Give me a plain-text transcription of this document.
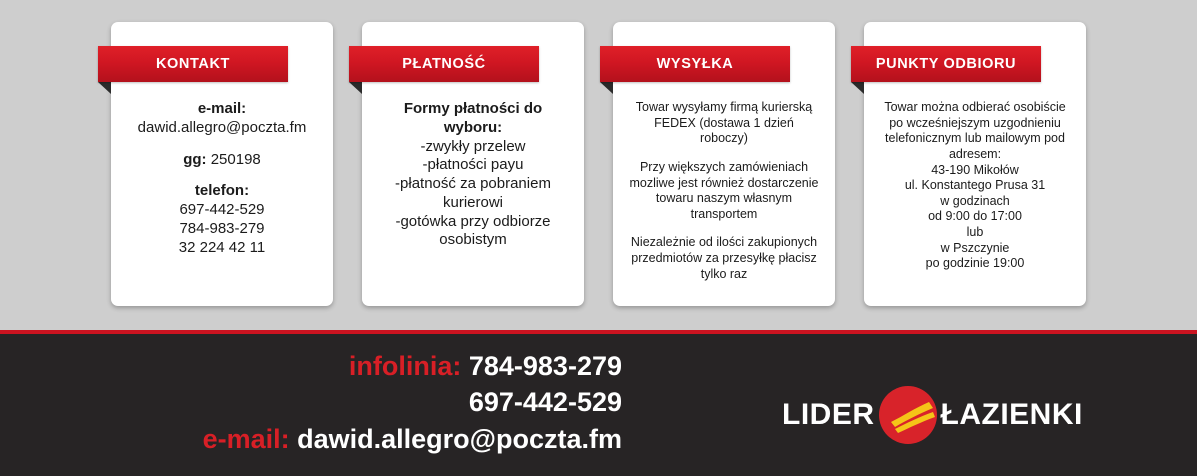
KONTAKT

e-mail:

dawid.allegro@poczta.fm

gg: 250198

telefon:

697-442-529

784-983-279

32 224 42 11

PŁATNOŚĆ

Formy płatności do

wyboru:

-zwykły przelew

-płatności payu

-płatność za pobraniem

kurierowi

-gotówka przy odbiorze

osobistym

WYSYŁKA

Towar wysyłamy firmą kurierską

FEDEX (dostawa 1 dzień

roboczy)

Przy większych zamówieniach

mozliwe jest również dostarczenie

towaru naszym własnym

transportem

Niezależnie od ilości zakupionych

przedmiotów za przesyłkę płacisz

tylko raz

PUNKTY ODBIORU

Towar można odbierać osobiście

po wcześniejszym uzgodnieniu

telefonicznym lub mailowym pod

adresem:

43-190 Mikołów

ul. Konstantego Prusa 31

w godzinach

od 9:00 do 17:00

lub

w Pszczynie

po godzinie 19:00

infolinia: 784-983-279
697-442-529
e-mail: dawid.allegro@poczta.fm
LIDER ŁAZIENKI
